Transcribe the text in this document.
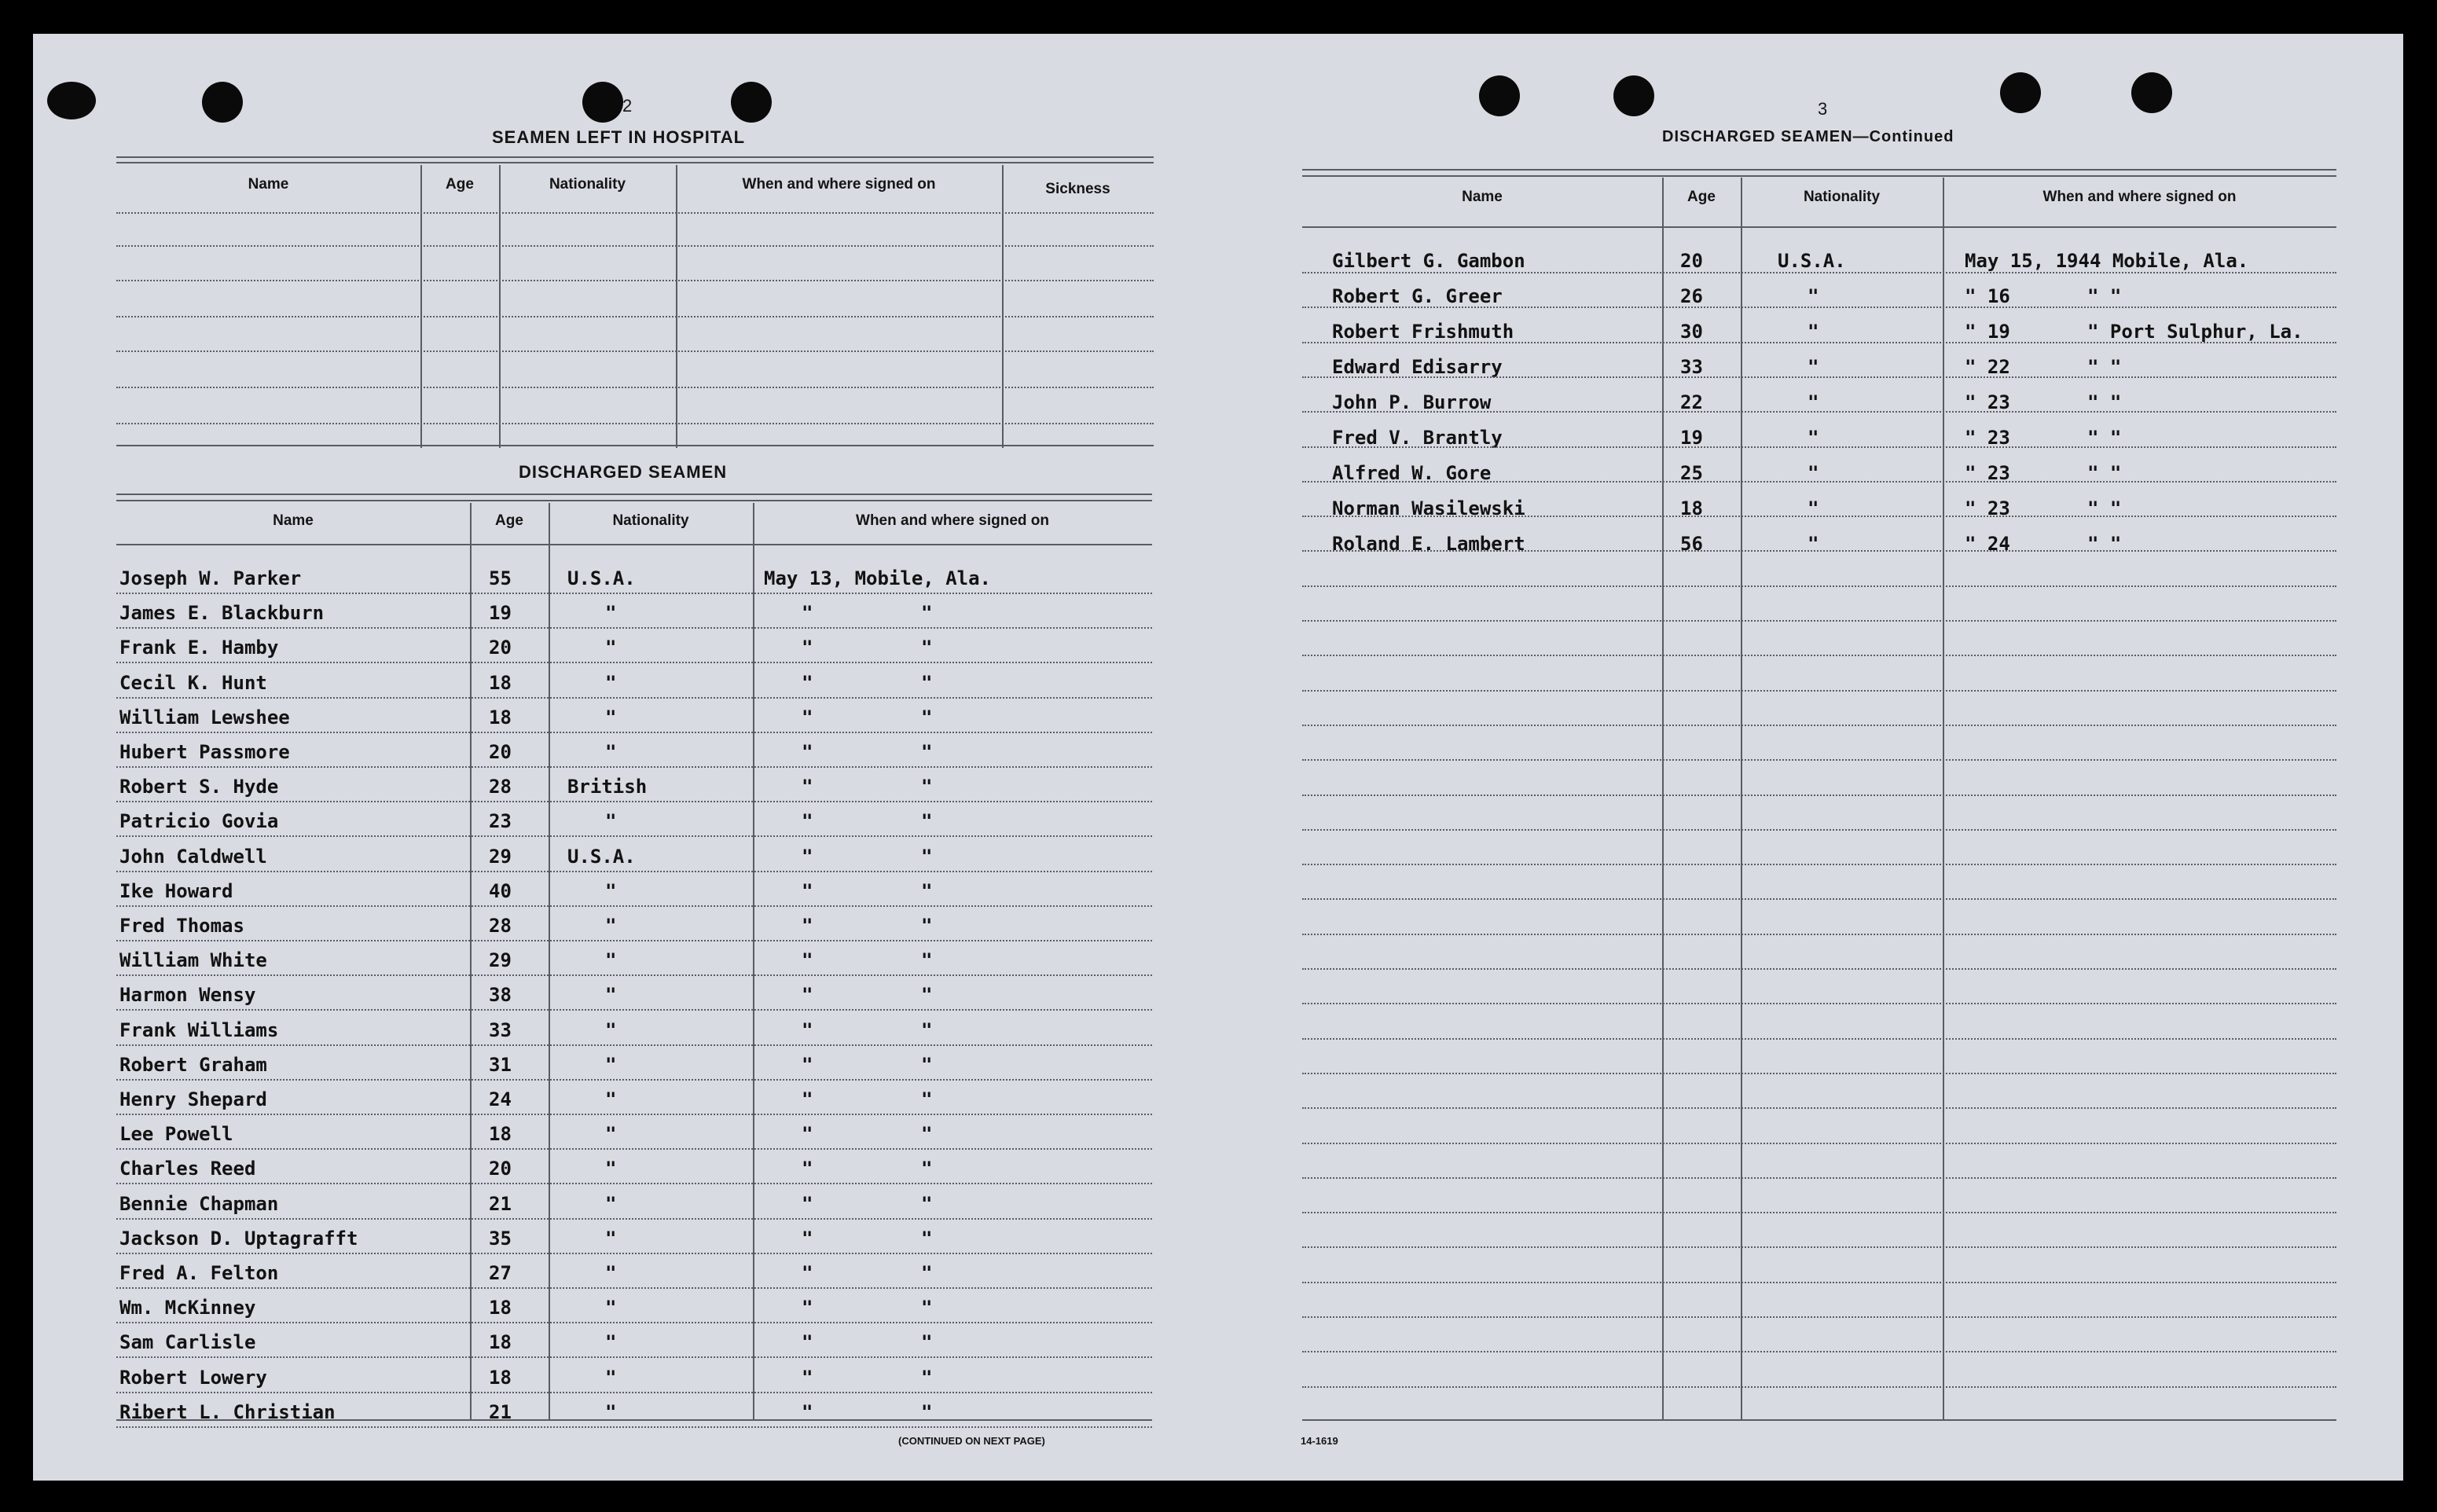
2
SEAMEN LEFT IN HOSPITAL
Name	Age	Nationality	When and where signed on	Sickness
DISCHARGED SEAMEN
Name	Age	Nationality	When and where signed on
Joseph W. Parker	55	U.S.A.	May 13, Mobile, Ala.
James E. Blackburn	19	"	"	"
Frank E. Hamby	20	"	"	"
Cecil K. Hunt	18	"	"	"
William Lewshee	18	"	"	"
Hubert Passmore	20	"	"	"
Robert S. Hyde	28	British	"	"
Patricio Govia	23	"	"	"
John Caldwell	29	U.S.A.	"	"
Ike Howard	40	"	"	"
Fred Thomas	28	"	"	"
William White	29	"	"	"
Harmon Wensy	38	"	"	"
Frank Williams	33	"	"	"
Robert Graham	31	"	"	"
Henry Shepard	24	"	"	"
Lee Powell	18	"	"	"
Charles Reed	20	"	"	"
Bennie Chapman	21	"	"	"
Jackson D. Uptagrafft	35	"	"	"
Fred A. Felton	27	"	"	"
Wm. McKinney	18	"	"	"
Sam Carlisle	18	"	"	"
Robert Lowery	18	"	"	"
Ribert L. Christian	21	"	"	"
(CONTINUED ON NEXT PAGE)
3
DISCHARGED SEAMEN—Continued
Name	Age	Nationality	When and where signed on
Gilbert G. Gambon	20	U.S.A.	May 15, 1944 Mobile, Ala.
Robert G. Greer	26	"	" 16	" "
Robert Frishmuth	30	"	" 19	" Port Sulphur, La.
Edward Edisarry	33	"	" 22	" "
John P. Burrow	22	"	" 23	" "
Fred V. Brantly	19	"	" 23	" "
Alfred W. Gore	25	"	" 23	" "
Norman Wasilewski	18	"	" 23	" "
Roland E. Lambert	56	"	" 24	" "
14-1619
